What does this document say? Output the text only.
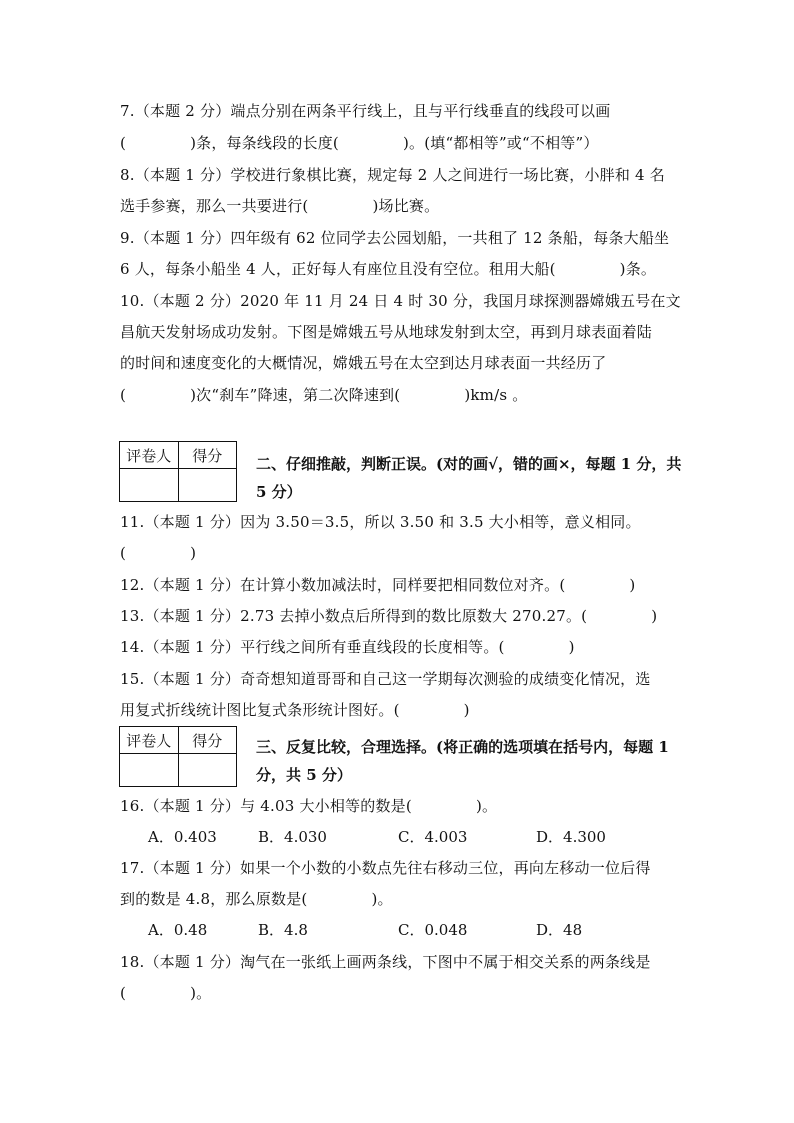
7.（本题 2 分）端点分别在两条平行线上，且与平行线垂直的线段可以画
(	)条，每条线段的长度(	)。(填“都相等”或“不相等”）
8.（本题 1 分）学校进行象棋比赛，规定每 2 人之间进行一场比赛，小胖和 4 名
选手参赛，那么一共要进行(	)场比赛。
9.（本题 1 分）四年级有 62 位同学去公园划船，一共租了 12 条船，每条大船坐
6 人，每条小船坐 4 人，正好每人有座位且没有空位。租用大船(	)条。
10.（本题 2 分）2020 年 11 月 24 日 4 时 30 分，我国月球探测器嫦娥五号在文
昌航天发射场成功发射。下图是嫦娥五号从地球发射到太空，再到月球表面着陆
的时间和速度变化的大概情况，嫦娥五号在太空到达月球表面一共经历了
(	)次“刹车”降速，第二次降速到(	)km/s 。
评卷人	得分
	二、仔细推敲，判断正误。(对的画√，错的画×，每题 1 分，共 5 分）
11.（本题 1 分）因为 3.50＝3.5，所以 3.50 和 3.5 大小相等，意义相同。
(	)
12.（本题 1 分）在计算小数加减法时，同样要把相同数位对齐。(	)
13.（本题 1 分）2.73 去掉小数点后所得到的数比原数大 270.27。(	)
14.（本题 1 分）平行线之间所有垂直线段的长度相等。(	)
15.（本题 1 分）奇奇想知道哥哥和自己这一学期每次测验的成绩变化情况，选
用复式折线统计图比复式条形统计图好。(	)
评卷人	得分
	三、反复比较，合理选择。(将正确的选项填在括号内，每题 1 分，共 5 分）
16.（本题 1 分）与 4.03 大小相等的数是(	)。
A．0.403	B．4.030	C．4.003	D．4.300
17.（本题 1 分）如果一个小数的小数点先往右移动三位，再向左移动一位后得
到的数是 4.8，那么原数是(	)。
A．0.48	B．4.8	C．0.048	D．48
18.（本题 1 分）淘气在一张纸上画两条线，下图中不属于相交关系的两条线是
(	)。
